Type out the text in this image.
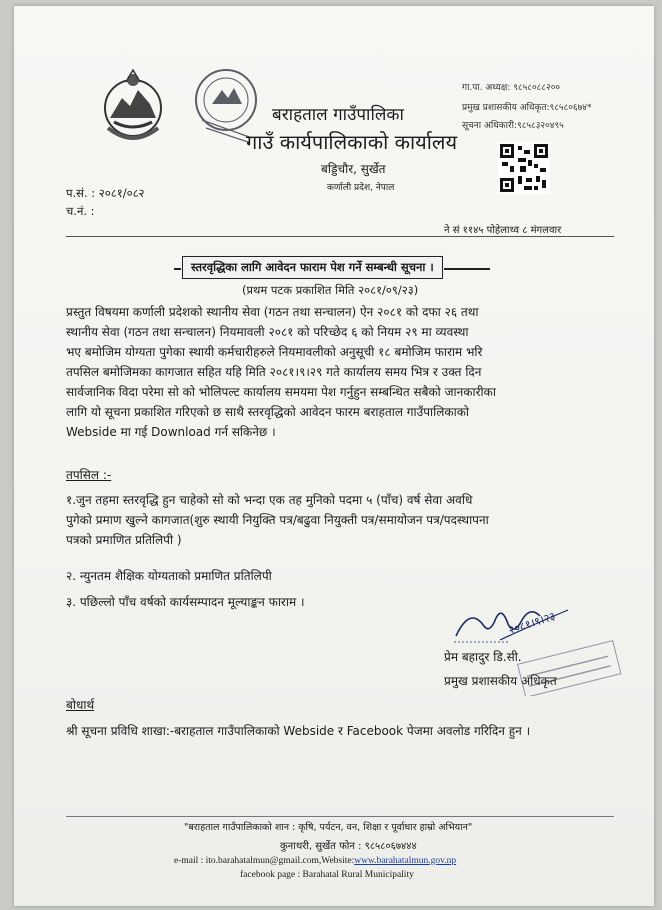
बराहताल गाउँपालिका
गाउँ कार्यपालिकाको कार्यालय
बड्डिचौर, सुर्खेत
कर्णाली प्रदेश, नेपाल
गा.पा. अध्यक्ष: ९८५८०८८२००
प्रमुख प्रशासकीय अधिकृत:९८५८०६७४*
सूचना अधिकारी:९८५८३२०४९५
प.सं. : २०८१/०८२
च.नं. :
ने सं ११४५ पोहेलाथ्व ८ मंगलवार
स्तरवृद्धिका लागि आवेदन फाराम पेश गर्ने सम्बन्धी सूचना ।
(प्रथम पटक प्रकाशित मिति २०८१/०९/२३)
प्रस्तुत विषयमा कर्णाली प्रदेशको स्थानीय सेवा (गठन तथा सन्चालन) ऐन २०८१ को दफा २६ तथा
स्थानीय सेवा (गठन तथा सन्चालन) नियमावली २०८१ को परिच्छेद ६ को नियम २९ मा व्यवस्था
भए बमोजिम योग्यता पुगेका स्थायी कर्मचारीहरुले नियमावलीको अनुसूची १८ बमोजिम फाराम भरि
तपसिल बमोजिमका कागजात सहित यहि मिति २०८१।९।२९ गते कार्यालय समय भित्र र उक्त दिन
सार्वजानिक विदा परेमा सो को भोलिपल्ट कार्यालय समयमा पेश गर्नुहुन सम्बन्धित सबैको जानकारीका
लागि यो सूचना प्रकाशित गरिएको छ साथै स्तरवृद्धिको आवेदन फारम बराहताल गाउँपालिकाको
Webside मा गई Download गर्न सकिनेछ ।
तपसिल :-
१.जुन तहमा स्तरवृद्धि हुन चाहेको सो को भन्दा एक तह मुनिको पदमा ५ (पाँच) वर्ष सेवा अवधि
पुगेको प्रमाण खुल्ने कागजात(शुरु स्थायी नियुक्ति पत्र/बढुवा नियुक्ती पत्र/समायोजन पत्र/पदस्थापना
पत्रको प्रमाणित प्रतिलिपी )
२. न्युनतम शैक्षिक योग्यताको प्रमाणित प्रतिलिपी
३. पछिल्लो पाँच वर्षको कार्यसम्पादन मूल्याङ्कन फाराम ।
२०८१।९।२३
प्रेम बहादुर डि.सी.
प्रमुख प्रशासकीय अधिकृत
बोधार्थ
श्री सूचना प्रविधि शाखा:-बराहताल गाउँपालिकाको Webside र Facebook पेजमा अवलोड गरिदिन हुन ।
"बराहताल गाउँपालिकाको शान : कृषि, पर्यटन, वन, शिक्षा र पूर्वाधार हाम्रो अभियान"
कुनाथरी, सुर्खेत फोन : ९८५८०६७४४४
e-mail : ito.barahatalmun@gmail.com,Website:www.barahatalmun.gov.np
facebook page : Barahatal Rural Municipality
